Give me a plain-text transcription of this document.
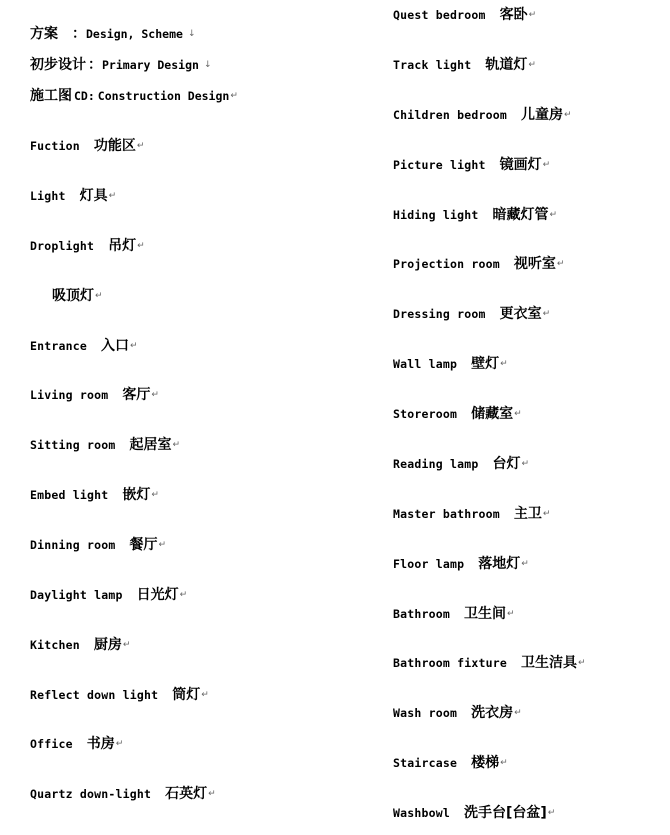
方案 ：Design, Scheme ↓
初步设计 ：Primary Design ↓
施工图 CD: Construction Design↵
Fuction 功能区↵
Light 灯具↵
Droplight 吊灯↵
吸顶灯↵
Entrance 入口↵
Living room 客厅↵
Sitting room 起居室↵
Embed light 嵌灯↵
Dinning room 餐厅↵
Daylight lamp 日光灯↵
Kitchen 厨房↵
Reflect down light 筒灯↵
Office 书房↵
Quartz down-light 石英灯↵
Quest bedroom 客卧↵
Track light 轨道灯↵
Children bedroom 儿童房↵
Picture light 镜画灯↵
Hiding light 暗藏灯管↵
Projection room 视听室↵
Dressing room 更衣室↵
Wall lamp 壁灯↵
Storeroom 储藏室↵
Reading lamp 台灯↵
Master bathroom 主卫↵
Floor lamp 落地灯↵
Bathroom 卫生间↵
Bathroom fixture 卫生洁具↵
Wash room 洗衣房↵
Staircase 楼梯↵
Washbowl 洗手台[台盆]↵
